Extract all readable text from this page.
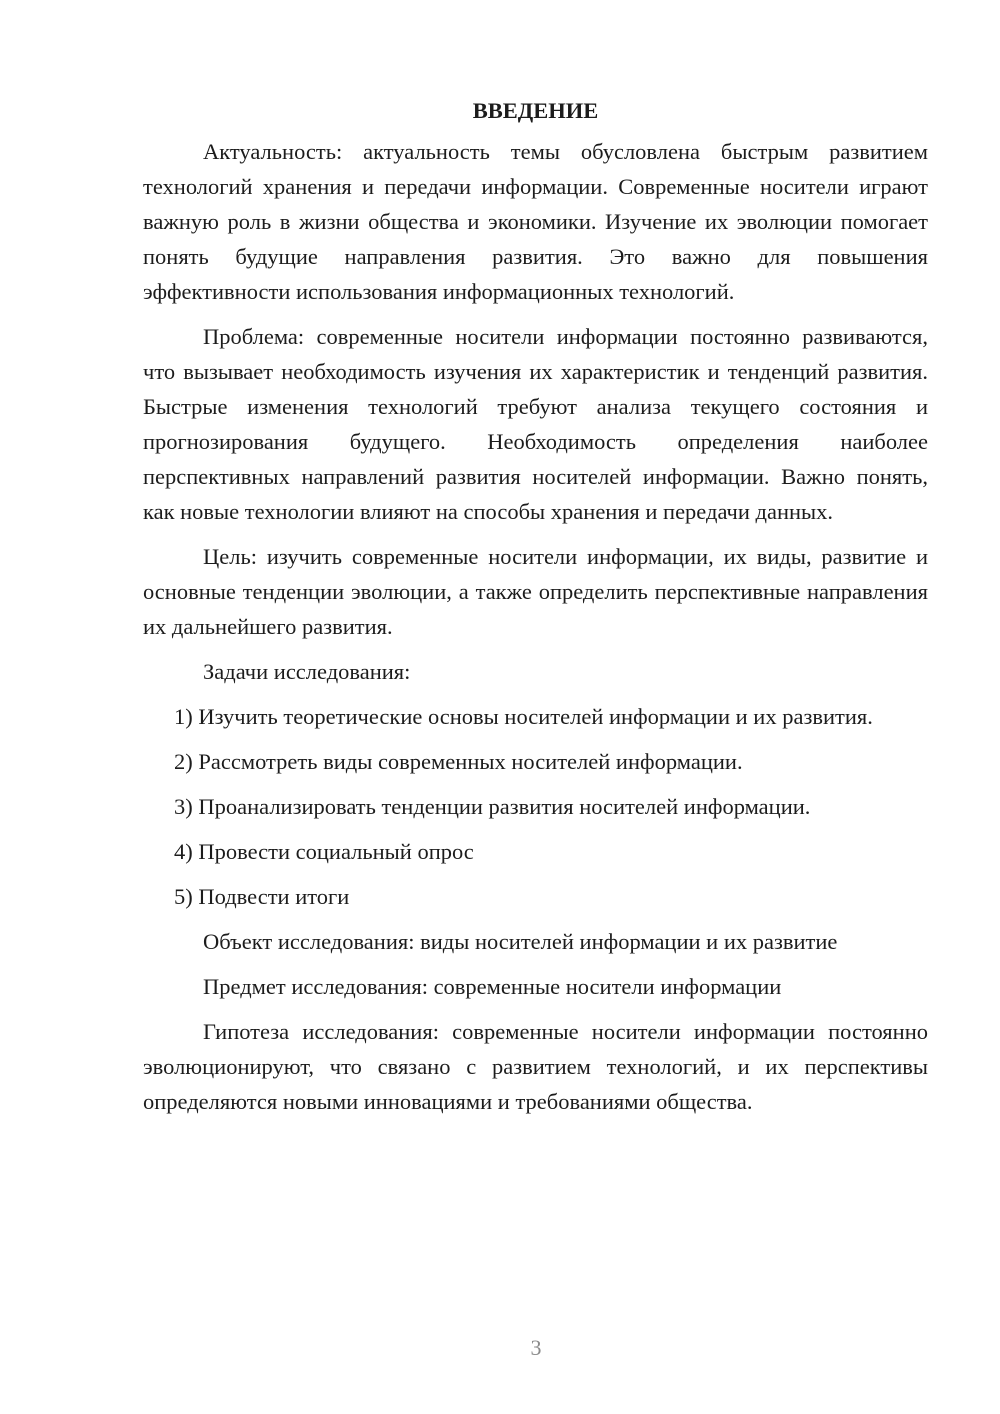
ВВЕДЕНИЕ

Актуальность: актуальность темы обусловлена быстрым развитием технологий хранения и передачи информации. Современные носители играют важную роль в жизни общества и экономики. Изучение их эволюции помогает понять будущие направления развития. Это важно для повышения эффективности использования информационных технологий.

Проблема: современные носители информации постоянно развиваются, что вызывает необходимость изучения их характеристик и тенденций развития. Быстрые изменения технологий требуют анализа текущего состояния и прогнозирования будущего. Необходимость определения наиболее перспективных направлений развития носителей информации. Важно понять, как новые технологии влияют на способы хранения и передачи данных.

Цель: изучить современные носители информации, их виды, развитие и основные тенденции эволюции, а также определить перспективные направления их дальнейшего развития.

Задачи исследования:

1) Изучить теоретические основы носителей информации и их развития.

2) Рассмотреть виды современных носителей информации.

3) Проанализировать тенденции развития носителей информации.

4) Провести социальный опрос

5) Подвести итоги

Объект исследования: виды носителей информации и их развитие

Предмет исследования: современные носители информации

Гипотеза исследования: современные носители информации постоянно эволюционируют, что связано с развитием технологий, и их перспективы определяются новыми инновациями и требованиями общества.

3
